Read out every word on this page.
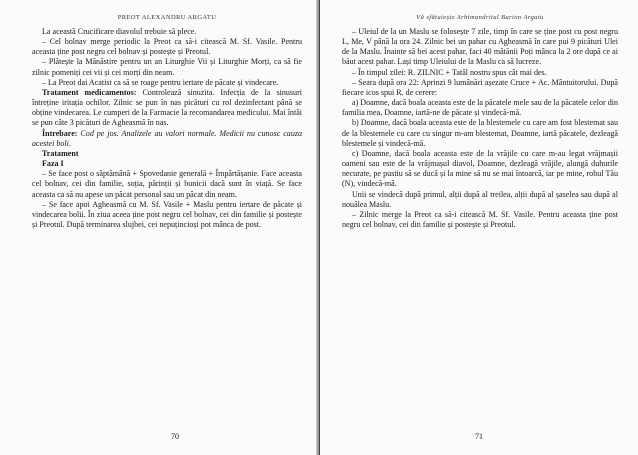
PREOT ALEXANDRU ARGATU

La această Crucificare diavolul trebuie să plece.

– Cel bolnav merge periodic la Preot ca să-i citească M. Sf. Vasile. Pentru aceasta ține post negru cel bolnav și postește și Preotul.

– Plătește la Mănăstire pentru un an Liturghie Vii și Liturghie Morți, ca să fie zilnic pomeniți cei vii și cei morți din neam.

– La Preot dai Acatist ca să se roage pentru iertare de păcate și vindecare.

Tratament medicamentos: Controlează sinuzita. Infecția de la sinusuri întreține iritația ochilor. Zilnic se pun în nas picături cu rol dezinfectant până se obține vindecarea. Le cumperi de la Farmacie la recomandarea medicului. Mai întâi se pun câte 3 picături de Agheasmă în nas.

Întrebare: Cod pe jos. Analizele au valori normale. Medicii nu cunosc cauza acestei boli.

Tratament

Faza I

– Se face post o săptămână + Spovedanie generală + Împărtășanie. Face aceasta cel bolnav, cei din familie, soția, părinții și bunicii dacă sunt în viață. Se face aceasta ca să nu apese un păcat personal sau un păcat din neam.

– Se face apoi Agheasmă cu M. Sf. Vasile + Maslu pentru iertare de păcate și vindecarea bolii. În ziua aceea ține post negru cel bolnav, cei din familie și postește și Preotul. După terminarea slujbei, cei nepuțincioși pot mânca de post.

70
Vă sfătuiește Arhimandritul Barion Argatu

– Uleiul de la un Maslu se folosește 7 zile, timp în care se ține post cu post negru L, Me, V până la ora 24. Zilnic bei un pahar cu Agheasmă în care pui 9 picături Ulei de la Maslu. Înainte să bei acest pahar, faci 40 mătănii Poți mânca la 2 ore după ce ai băut acest pahar. Lași timp Uleiului de la Maslu ca să lucreze.

– În timpul zilei: R. ZILNIC + Tatăl nostru spus cât mai des.

– Seara după ora 22: Aprinzi 9 lumânări așezate Cruce + Ac. Mântuitorului. După fiecare icos spui R. de cerere:

a) Doamne, dacă boala aceasta este de la păcatele mele sau de la păcatele celor din familia mea, Doamne, iartă-ne de păcate și vindecă-mă.

b) Doamne, dacă boala aceasta este de la blestemele cu care am fost blestemat sau de la blestemele cu care cu singur m-am blestemat, Doamne, iartă păcatele, dezleagă blestemele și vindecă-mă.

c) Doamne, dacă boala aceasta este de la vrăjile cu care m-au legat vrăjmașii oameni sau este de la vrăjmașul diavol, Doamne, dezleagă vrăjile, alungă duhurile necurate, pe pustiu să se ducă și la mine să nu se mai întoarcă, iar pe mine, robul Tău (N), vindecă-mă.

Unii se vindecă după primul, alții după al treilea, alții după al șaselea sau după al nouălea Maslu.

– Zilnic merge la Preot ca să-i citească M. Sf. Vasile. Pentru aceasta ține post negru cel bolnav, cei din familie și postește și Preotul.

71
